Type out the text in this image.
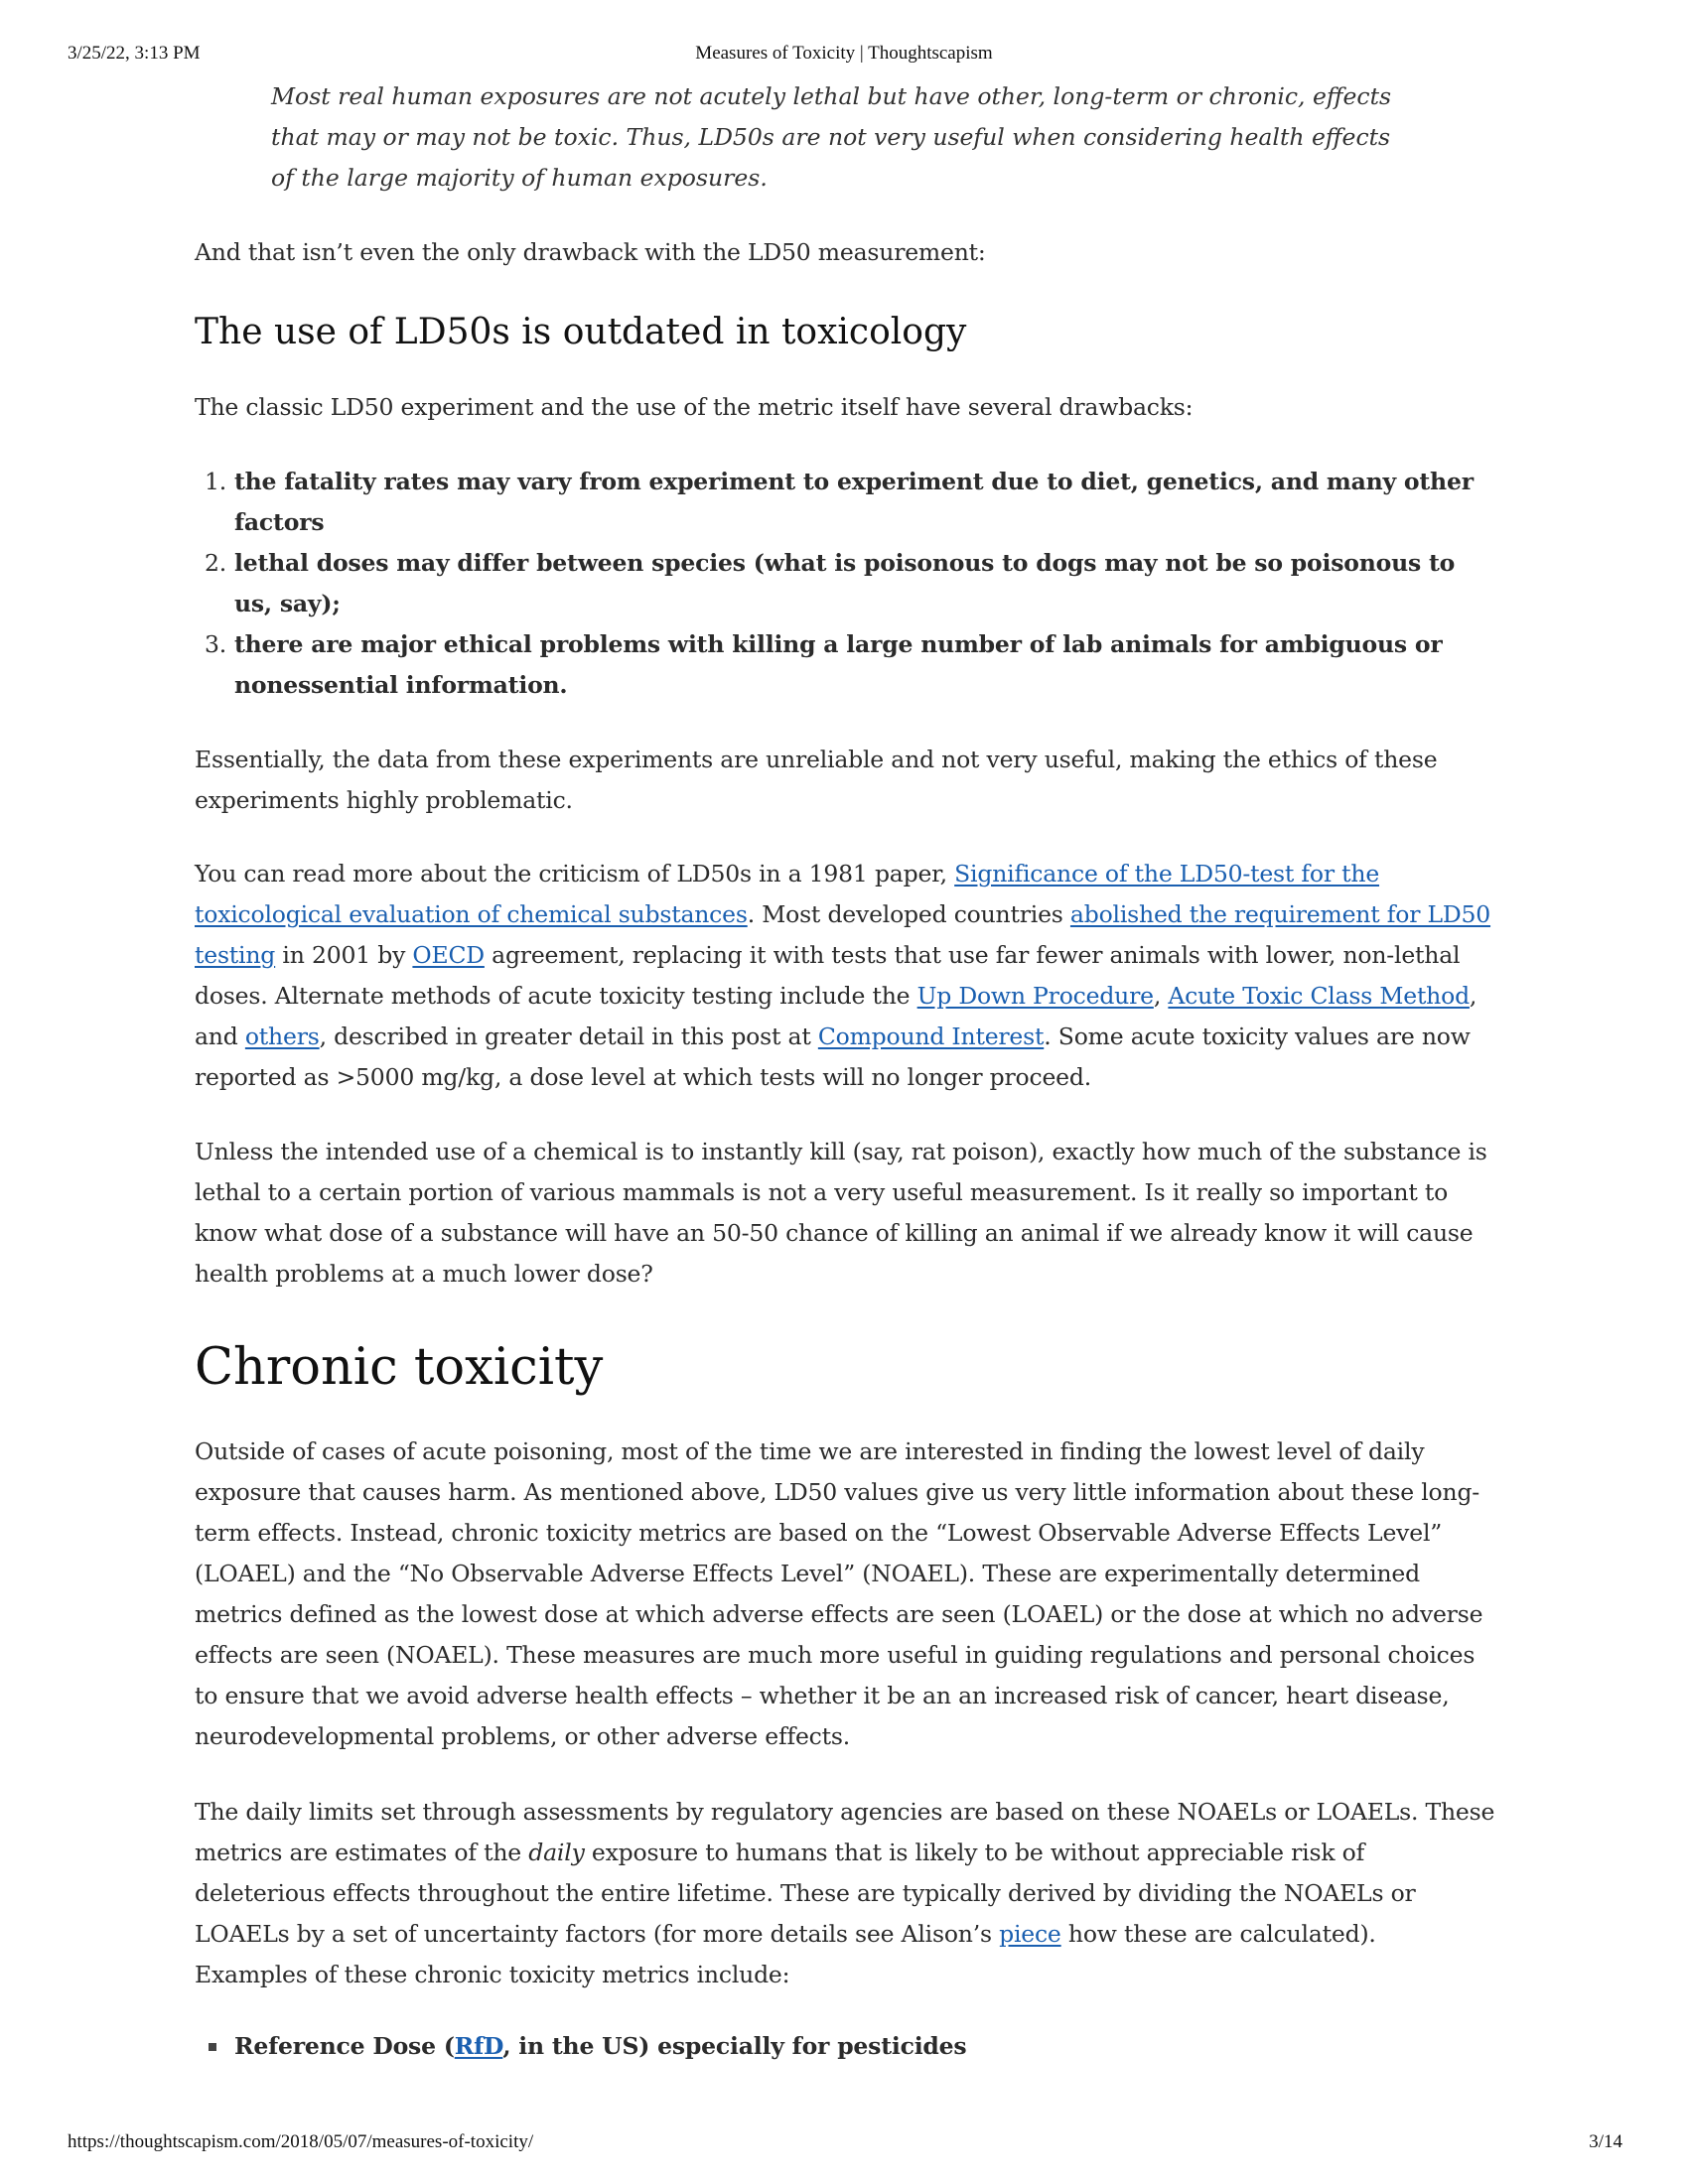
3/25/22, 3:13 PM	Measures of Toxicity | Thoughtscapism
Most real human exposures are not acutely lethal but have other, long-term or chronic, effects that may or may not be toxic. Thus, LD50s are not very useful when considering health effects of the large majority of human exposures.

And that isn’t even the only drawback with the LD50 measurement:

The use of LD50s is outdated in toxicology

The classic LD50 experiment and the use of the metric itself have several drawbacks:

1. the fatality rates may vary from experiment to experiment due to diet, genetics, and many other factors
2. lethal doses may differ between species (what is poisonous to dogs may not be so poisonous to us, say);
3. there are major ethical problems with killing a large number of lab animals for ambiguous or nonessential information.

Essentially, the data from these experiments are unreliable and not very useful, making the ethics of these experiments highly problematic.

You can read more about the criticism of LD50s in a 1981 paper, Significance of the LD50-test for the toxicological evaluation of chemical substances. Most developed countries abolished the requirement for LD50 testing in 2001 by OECD agreement, replacing it with tests that use far fewer animals with lower, non-lethal doses. Alternate methods of acute toxicity testing include the Up Down Procedure, Acute Toxic Class Method, and others, described in greater detail in this post at Compound Interest. Some acute toxicity values are now reported as >5000 mg/kg, a dose level at which tests will no longer proceed.

Unless the intended use of a chemical is to instantly kill (say, rat poison), exactly how much of the substance is lethal to a certain portion of various mammals is not a very useful measurement. Is it really so important to know what dose of a substance will have an 50-50 chance of killing an animal if we already know it will cause health problems at a much lower dose?

Chronic toxicity

Outside of cases of acute poisoning, most of the time we are interested in finding the lowest level of daily exposure that causes harm. As mentioned above, LD50 values give us very little information about these long-term effects. Instead, chronic toxicity metrics are based on the “Lowest Observable Adverse Effects Level” (LOAEL) and the “No Observable Adverse Effects Level” (NOAEL). These are experimentally determined metrics defined as the lowest dose at which adverse effects are seen (LOAEL) or the dose at which no adverse effects are seen (NOAEL). These measures are much more useful in guiding regulations and personal choices to ensure that we avoid adverse health effects – whether it be an an increased risk of cancer, heart disease, neurodevelopmental problems, or other adverse effects.

The daily limits set through assessments by regulatory agencies are based on these NOAELs or LOAELs. These metrics are estimates of the daily exposure to humans that is likely to be without appreciable risk of deleterious effects throughout the entire lifetime. These are typically derived by dividing the NOAELs or LOAELs by a set of uncertainty factors (for more details see Alison’s piece how these are calculated). Examples of these chronic toxicity metrics include:

Reference Dose (RfD, in the US) especially for pesticides
https://thoughtscapism.com/2018/05/07/measures-of-toxicity/	3/14
